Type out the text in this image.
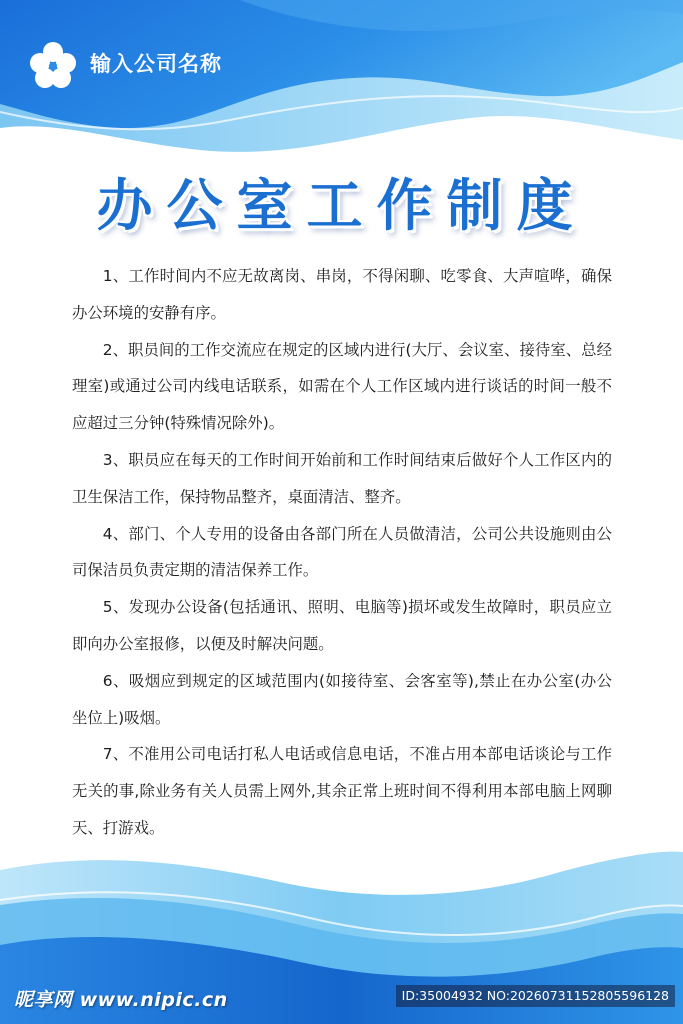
输入公司名称
办公室工作制度

1、工作时间内不应无故离岗、串岗，不得闲聊、吃零食、大声喧哗，确保办公环境的安静有序。

2、职员间的工作交流应在规定的区域内进行(大厅、会议室、接待室、总经理室)或通过公司内线电话联系，如需在个人工作区域内进行谈话的时间一般不应超过三分钟(特殊情况除外)。

3、职员应在每天的工作时间开始前和工作时间结束后做好个人工作区内的卫生保洁工作，保持物品整齐，桌面清洁、整齐。

4、部门、个人专用的设备由各部门所在人员做清洁，公司公共设施则由公司保洁员负责定期的清洁保养工作。

5、发现办公设备(包括通讯、照明、电脑等)损坏或发生故障时，职员应立即向办公室报修，以便及时解决问题。

6、吸烟应到规定的区域范围内(如接待室、会客室等),禁止在办公室(办公坐位上)吸烟。

7、不准用公司电话打私人电话或信息电话，不准占用本部电话谈论与工作无关的事,除业务有关人员需上网外,其余正常上班时间不得利用本部电脑上网聊天、打游戏。

昵享网 www.nipic.cn	ID:35004932 NO:20260731152805596128
